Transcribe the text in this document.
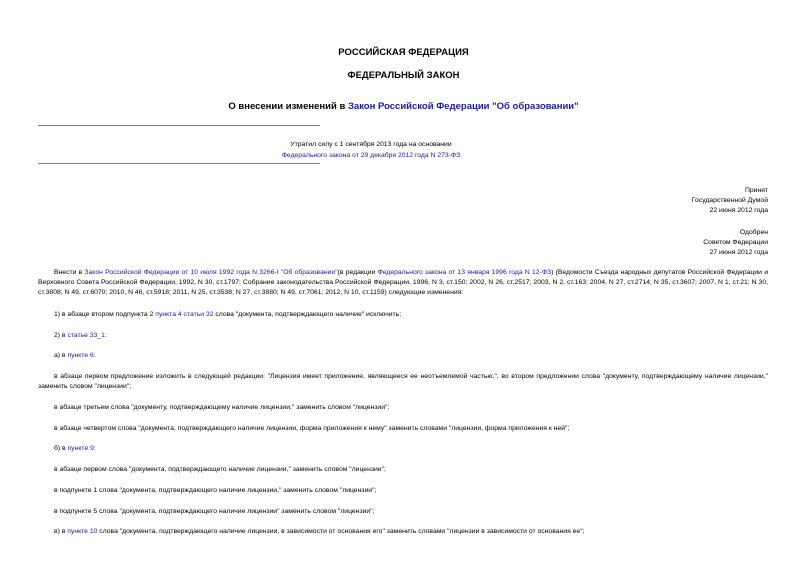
РОССИЙСКАЯ ФЕДЕРАЦИЯ
ФЕДЕРАЛЬНЫЙ ЗАКОН
О внесении изменений в Закон Российской Федерации "Об образовании"
Утратил силу с 1 сентября 2013 года на основании
Федерального закона от 29 декабря 2012 года N 273-ФЗ
Принят
Государственной Думой
22 июня 2012 года
Одобрен
Советом Федерации
27 июня 2012 года
Внести в Закон Российской Федерации от 10 июля 1992 года N 3266-I "Об образовании"(в редакции Федерального закона от 13 января 1996 года N 12-ФЗ) (Ведомости Съезда народных депутатов Российской Федерации и Верховного Совета Российской Федерации, 1992, N 30, ст.1797; Собрание законодательства Российской Федерации, 1996, N 3, ст.150; 2002, N 26, ст.2517; 2003, N 2, ст.163; 2004, N 27, ст.2714; N 35, ст.3607; 2007, N 1, ст.21; N 30, ст.3808; N 49, ст.6070; 2010, N 46, ст.5918; 2011, N 25, ст.3538; N 27, ст.3880; N 49, ст.7061; 2012, N 10, ст.1159) следующие изменения:
1) в абзаце втором подпункта 2 пункта 4 статьи 32 слова "документа, подтверждающего наличие" исключить;
2) в статье 33_1:
а) в пункте 6:
в абзаце первом предложение изложить в следующей редакции: "Лицензия имеет приложение, являющееся ее неотъемлемой частью.", во втором предложении слова "документу, подтверждающему наличие лицензии," заменить словом "лицензии";
в абзаце третьем слова "документу, подтверждающему наличие лицензии," заменить словом "лицензии";
в абзаце четвертом слова "документа, подтверждающего наличие лицензии, форма приложения к нему" заменить словами "лицензии, форма приложения к ней";
б) в пункте 9:
в абзаце первом слова "документа, подтверждающего наличие лицензии," заменить словом "лицензии";
в подпункте 1 слова "документа, подтверждающего наличие лицензии," заменить словом "лицензии";
в подпункте 5 слова "документа, подтверждающего наличие лицензии" заменить словом "лицензии";
в) в пункте 10 слова "документа, подтверждающего наличие лицензии, в зависимости от основания его" заменить словами "лицензии в зависимости от основания ее";
